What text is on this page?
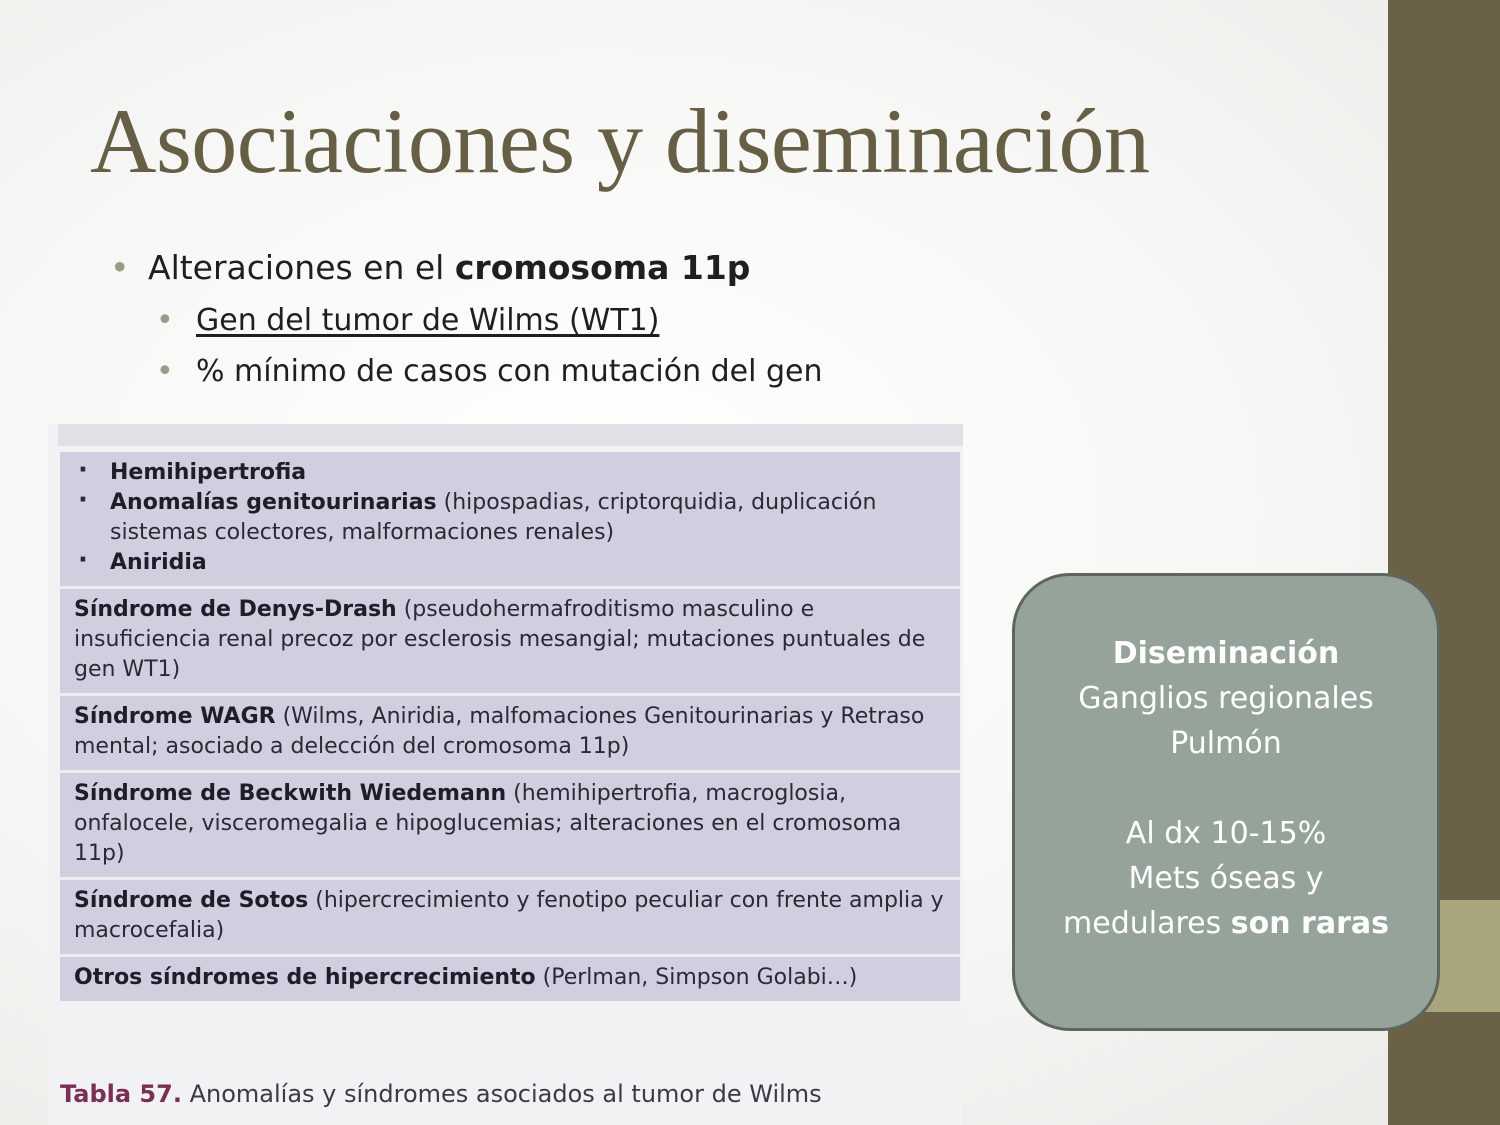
Asociaciones y diseminación
• Alteraciones en el cromosoma 11p
• Gen del tumor de Wilms (WT1)
• % mínimo de casos con mutación del gen
· Hemihipertrofia
· Anomalías genitourinarias (hipospadias, criptorquidia, duplicación sistemas colectores, malformaciones renales)
· Aniridia
Síndrome de Denys-Drash (pseudohermafroditismo masculino e insuficiencia renal precoz por esclerosis mesangial; mutaciones puntuales de gen WT1)
Síndrome WAGR (Wilms, Aniridia, malfomaciones Genitourinarias y Retraso mental; asociado a delección del cromosoma 11p)
Síndrome de Beckwith Wiedemann (hemihipertrofia, macroglosia, onfalocele, visceromegalia e hipoglucemias; alteraciones en el cromosoma 11p)
Síndrome de Sotos (hipercrecimiento y fenotipo peculiar con frente amplia y macrocefalia)
Otros síndromes de hipercrecimiento (Perlman, Simpson Golabi…)
Tabla 57. Anomalías y síndromes asociados al tumor de Wilms
Diseminación
Ganglios regionales
Pulmón
Al dx 10-15%
Mets óseas y
medulares son raras
